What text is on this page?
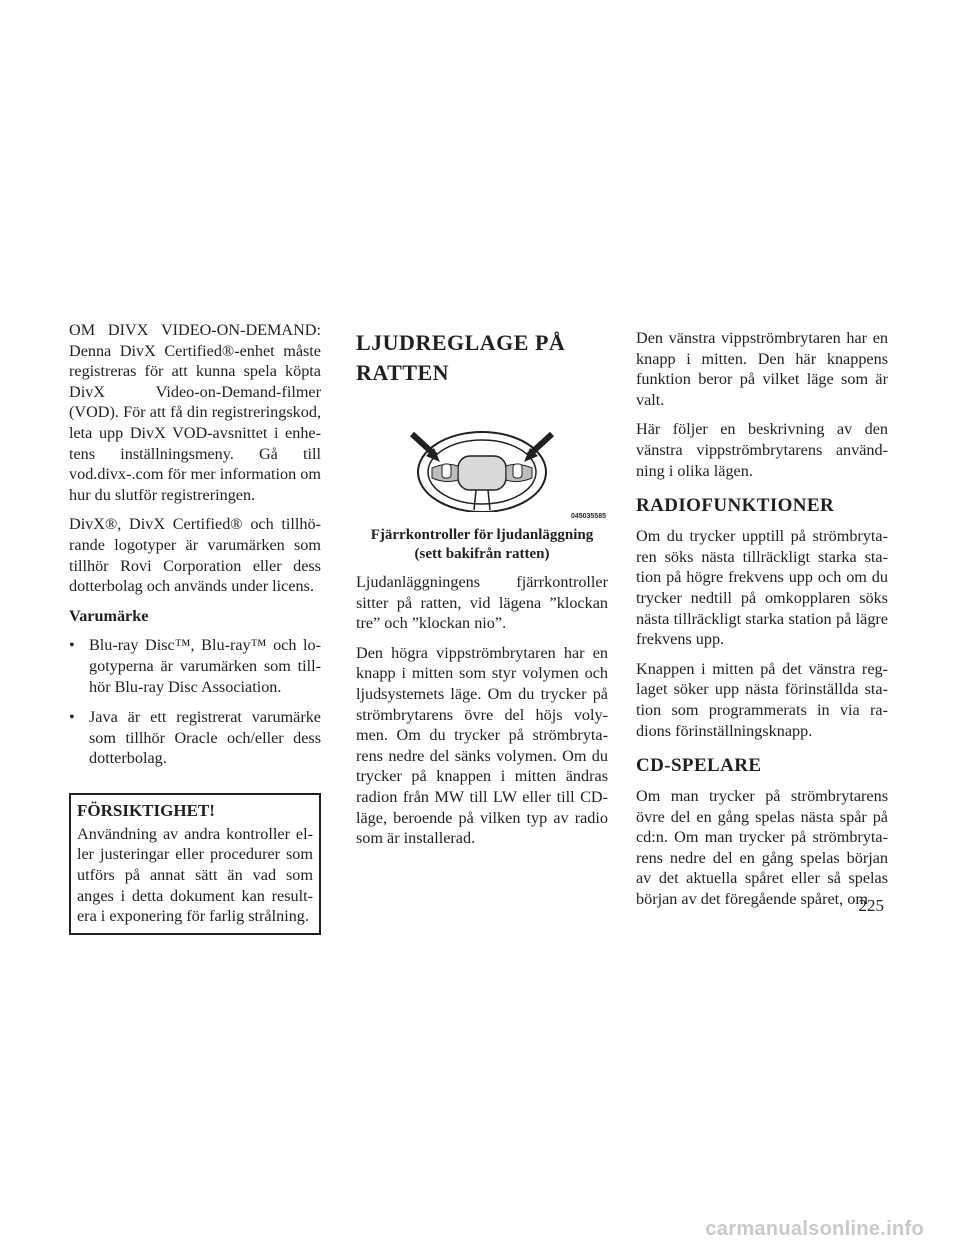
OM DIVX VIDEO-ON-DEMAND: Denna DivX Certified®-enhet måste registreras för att kunna spela köpta DivX Video-on-Demand-filmer (VOD). För att få din registreringskod, leta upp DivX VOD-avsnittet i enhe-tens inställningsmeny. Gå till vod.divx-.com för mer information om hur du slutför registreringen.

DivX®, DivX Certified® och tillhö-rande logotyper är varumärken som tillhör Rovi Corporation eller dess dotterbolag och används under licens.

Varumärke
• Blu-ray Disc™, Blu-ray™ och lo-gotyperna är varumärken som till-hör Blu-ray Disc Association.
• Java är ett registrerat varumärke som tillhör Oracle och/eller dess dotterbolag.
FÖRSIKTIGHET!

Användning av andra kontroller el-ler justeringar eller procedurer som utförs på annat sätt än vad som anges i detta dokument kan result-era i exponering för farlig strålning.

LJUDREGLAGE PÅ
RATTEN
045035585
Fjärrkontroller för ljudanläggning
(sett bakifrån ratten)

Ljudanläggningens fjärrkontroller sitter på ratten, vid lägena ”klockan tre” och ”klockan nio”.

Den högra vippströmbrytaren har en knapp i mitten som styr volymen och ljudsystemets läge. Om du trycker på strömbrytarens övre del höjs voly-men. Om du trycker på strömbryta-rens nedre del sänks volymen. Om du trycker på knappen i mitten ändras radion från MW till LW eller till CD-läge, beroende på vilken typ av radio som är installerad.

Den vänstra vippströmbrytaren har en knapp i mitten. Den här knappens funktion beror på vilket läge som är valt.

Här följer en beskrivning av den vänstra vippströmbrytarens använd-ning i olika lägen.

RADIOFUNKTIONER

Om du trycker upptill på strömbryta-ren söks nästa tillräckligt starka sta-tion på högre frekvens upp och om du trycker nedtill på omkopplaren söks nästa tillräckligt starka station på lägre frekvens upp.

Knappen i mitten på det vänstra reg-laget söker upp nästa förinställda sta-tion som programmerats in via ra-dions förinställningsknapp.

CD-SPELARE

Om man trycker på strömbrytarens övre del en gång spelas nästa spår på cd:n. Om man trycker på strömbryta-rens nedre del en gång spelas början av det aktuella spåret eller så spelas början av det föregående spåret, om

225
carmanualsonline.info
